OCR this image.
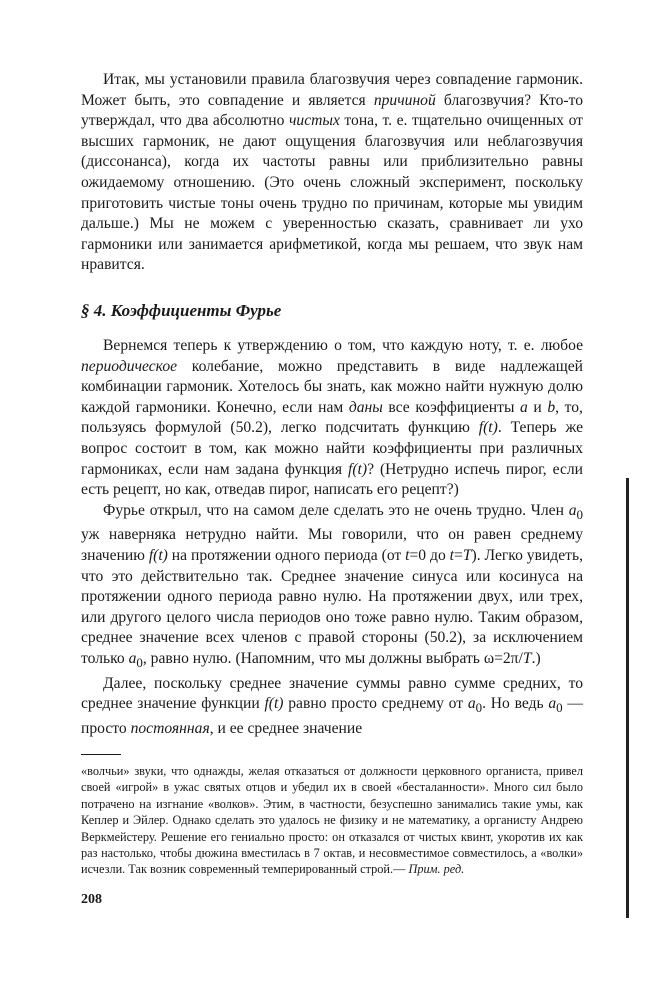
Итак, мы установили правила благозвучия через совпадение гармоник. Может быть, это совпадение и является причиной благозвучия? Кто-то утверждал, что два абсолютно чистых тона, т. е. тщательно очищенных от высших гармоник, не дают ощущения благозвучия или неблагозвучия (диссонанса), когда их частоты равны или приблизительно равны ожидаемому отношению. (Это очень сложный эксперимент, поскольку приготовить чистые тоны очень трудно по причинам, которые мы увидим дальше.) Мы не можем с уверенностью сказать, сравнивает ли ухо гармоники или занимается арифметикой, когда мы решаем, что звук нам нравится.

§ 4. Коэффициенты Фурье

Вернемся теперь к утверждению о том, что каждую ноту, т. е. любое периодическое колебание, можно представить в виде надлежащей комбинации гармоник. Хотелось бы знать, как можно найти нужную долю каждой гармоники. Конечно, если нам даны все коэффициенты a и b, то, пользуясь формулой (50.2), легко подсчитать функцию f(t). Теперь же вопрос состоит в том, как можно найти коэффициенты при различных гармониках, если нам задана функция f(t)? (Нетрудно испечь пирог, если есть рецепт, но как, отведав пирог, написать его рецепт?)

Фурье открыл, что на самом деле сделать это не очень трудно. Член $a_0$ уж наверняка нетрудно найти. Мы говорили, что он равен среднему значению f(t) на протяжении одного периода (от t=0 до t=T). Легко увидеть, что это действительно так. Среднее значение синуса или косинуса на протяжении одного периода равно нулю. На протяжении двух, или трех, или другого целого числа периодов оно тоже равно нулю. Таким образом, среднее значение всех членов с правой стороны (50.2), за исключением только $a_0$, равно нулю. (Напомним, что мы должны выбрать ω=2π/T.)

Далее, поскольку среднее значение суммы равно сумме средних, то среднее значение функции f(t) равно просто среднему от $a_0$. Но ведь $a_0$ — просто постоянная, и ее среднее значение

«волчьи» звуки, что однажды, желая отказаться от должности церковного органиста, привел своей «игрой» в ужас святых отцов и убедил их в своей «бесталанности». Много сил было потрачено на изгнание «волков». Этим, в частности, безуспешно занимались такие умы, как Кеплер и Эйлер. Однако сделать это удалось не физику и не математику, а органисту Андрею Веркмейстеру. Решение его гениально просто: он отказался от чистых квинт, укоротив их как раз настолько, чтобы дюжина вместилась в 7 октав, и несовместимое совместилось, а «волки» исчезли. Так возник современный темперированный строй.— Прим. ред.

208
